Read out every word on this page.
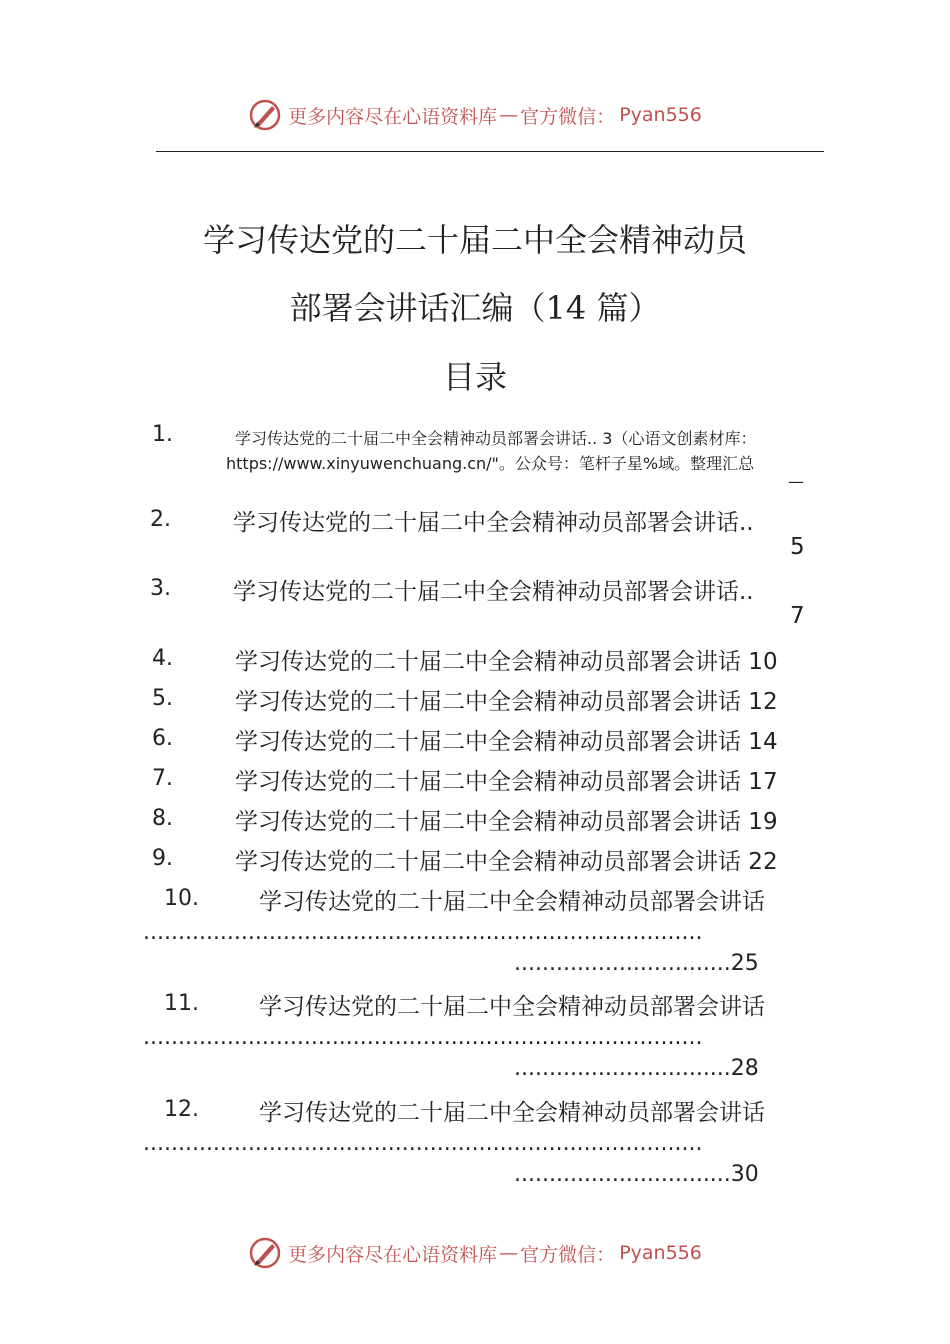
更多内容尽在心语资料库 — 官方微信： Pyan556
学习传达党的二十届二中全会精神动员
部署会讲话汇编（14 篇）
目录
1.	学习传达党的二十届二中全会精神动员部署会讲话.. 3（心语文创素材库：
https://www.xinyuwenchuang.cn/"。公众号：笔杆子星%域。整理汇总
—
2.	学习传达党的二十届二中全会精神动员部署会讲话..
5
3.	学习传达党的二十届二中全会精神动员部署会讲话..
7
4.	学习传达党的二十届二中全会精神动员部署会讲话 10
5.	学习传达党的二十届二中全会精神动员部署会讲话 12
6.	学习传达党的二十届二中全会精神动员部署会讲话 14
7.	学习传达党的二十届二中全会精神动员部署会讲话 17
8.	学习传达党的二十届二中全会精神动员部署会讲话 19
9.	学习传达党的二十届二中全会精神动员部署会讲话 22
10.	学习传达党的二十届二中全会精神动员部署会讲话
................................................................................
...............................25
11.	学习传达党的二十届二中全会精神动员部署会讲话
................................................................................
...............................28
12.	学习传达党的二十届二中全会精神动员部署会讲话
................................................................................
...............................30
更多内容尽在心语资料库 — 官方微信： Pyan556
